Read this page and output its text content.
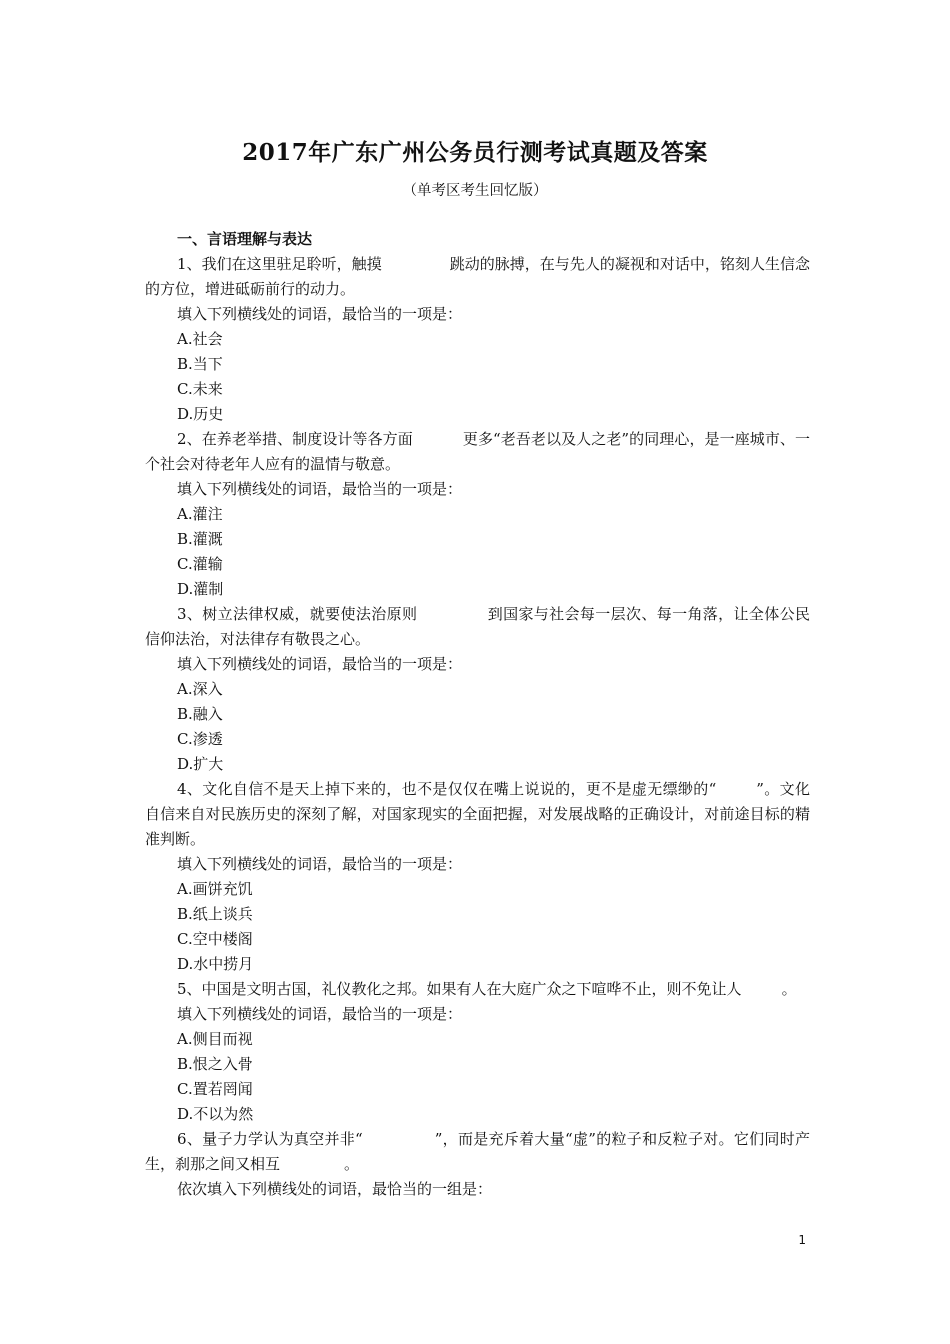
2017年广东广州公务员行测考试真题及答案
（单考区考生回忆版）

一、言语理解与表达

1、我们在这里驻足聆听，触摸	跳动的脉搏，在与先人的凝视和对话中，铭刻人生信念的方位，增进砥砺前行的动力。

填入下列横线处的词语，最恰当的一项是：

A.社会

B.当下

C.未来

D.历史

2、在养老举措、制度设计等各方面	更多“老吾老以及人之老”的同理心，是一座城市、一个社会对待老年人应有的温情与敬意。

填入下列横线处的词语，最恰当的一项是：

A.灌注

B.灌溉

C.灌输

D.灌制

3、树立法律权威，就要使法治原则	到国家与社会每一层次、每一角落，让全体公民信仰法治，对法律存有敬畏之心。

填入下列横线处的词语，最恰当的一项是：

A.深入

B.融入

C.渗透

D.扩大

4、文化自信不是天上掉下来的，也不是仅仅在嘴上说说的，更不是虚无缥缈的“	”。文化自信来自对民族历史的深刻了解，对国家现实的全面把握，对发展战略的正确设计，对前途目标的精准判断。

填入下列横线处的词语，最恰当的一项是：

A.画饼充饥

B.纸上谈兵

C.空中楼阁

D.水中捞月

5、中国是文明古国，礼仪教化之邦。如果有人在大庭广众之下喧哗不止，则不免让人	。

填入下列横线处的词语，最恰当的一项是：

A.侧目而视

B.恨之入骨

C.置若罔闻

D.不以为然

6、量子力学认为真空并非“	”，而是充斥着大量“虚”的粒子和反粒子对。它们同时产生，刹那之间又相互	。

依次填入下列横线处的词语，最恰当的一组是：

1
